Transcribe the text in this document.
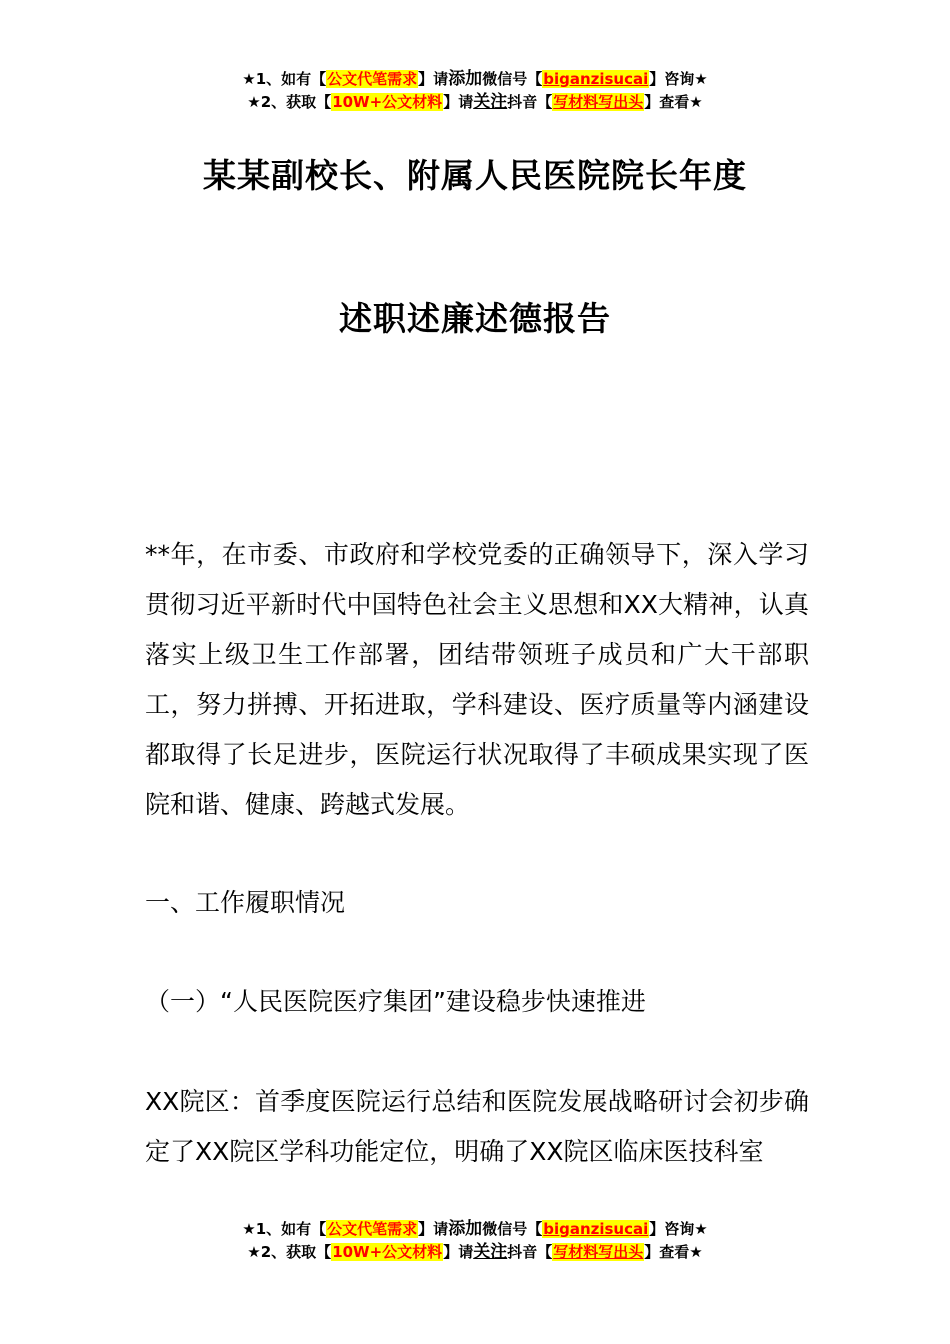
★1、如有【公文代笔需求】请添加微信号【biganzisucai】咨询★
★2、获取【10W+公文材料】请关注抖音【写材料写出头】查看★
某某副校长、附属人民医院院长年度
述职述廉述德报告
**年，在市委、市政府和学校党委的正确领导下，深入学习贯彻习近平新时代中国特色社会主义思想和XX大精神，认真落实上级卫生工作部署，团结带领班子成员和广大干部职工，努力拼搏、开拓进取，学科建设、医疗质量等内涵建设都取得了长足进步，医院运行状况取得了丰硕成果实现了医院和谐、健康、跨越式发展。
一、工作履职情况
（一）“人民医院医疗集团”建设稳步快速推进
XX院区：首季度医院运行总结和医院发展战略研讨会初步确定了XX院区学科功能定位，明确了XX院区临床医技科室
★1、如有【公文代笔需求】请添加微信号【biganzisucai】咨询★
★2、获取【10W+公文材料】请关注抖音【写材料写出头】查看★
